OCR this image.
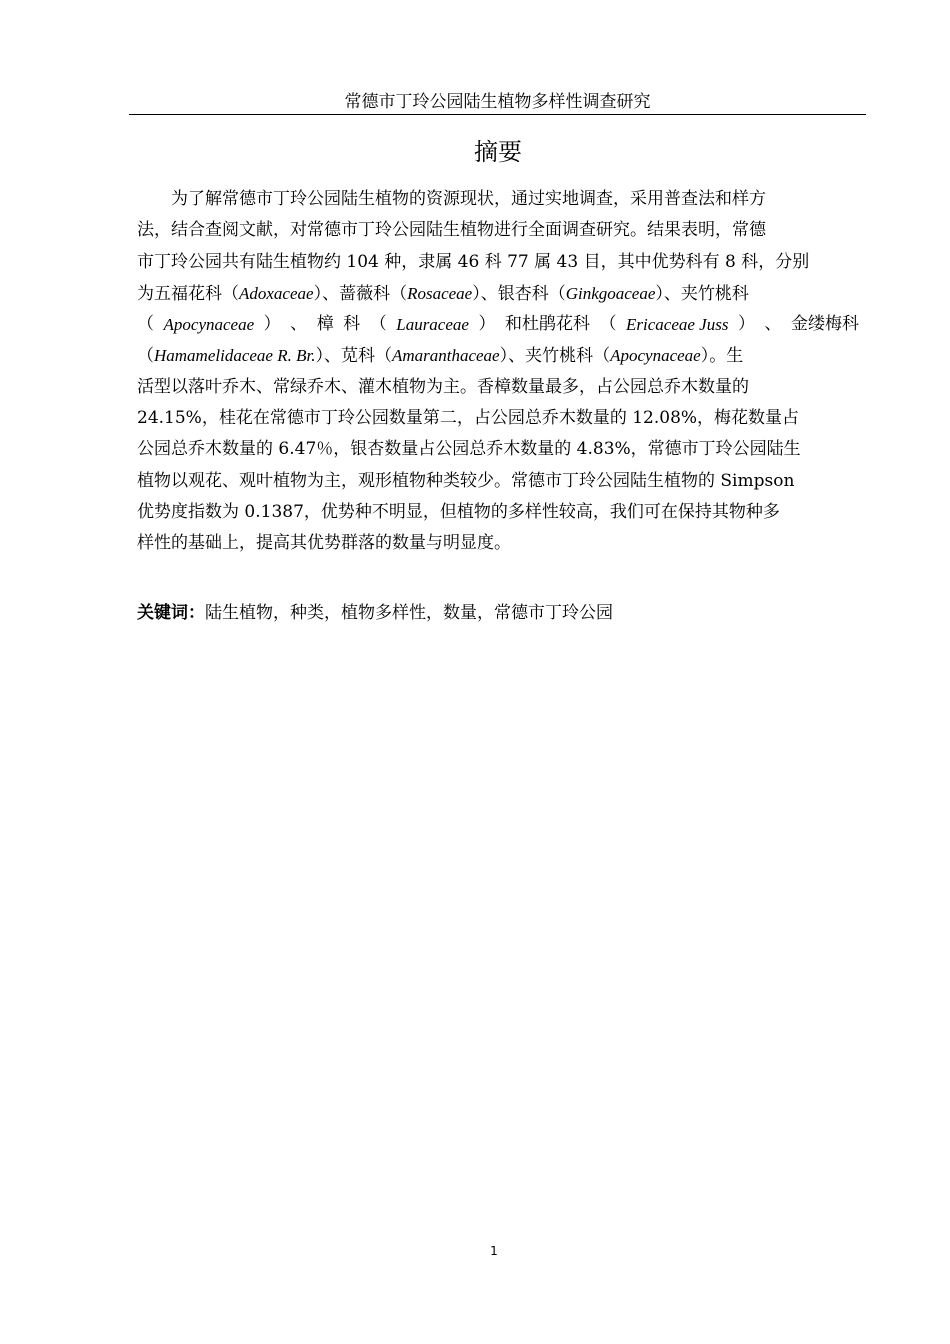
常德市丁玲公园陆生植物多样性调查研究
摘要
为了解常德市丁玲公园陆生植物的资源现状，通过实地调查，采用普查法和样方
法，结合查阅文献，对常德市丁玲公园陆生植物进行全面调查研究。结果表明，常德
市丁玲公园共有陆生植物约 104 种，隶属 46 科 77 属 43 目，其中优势科有 8 科，分别
为五福花科（Adoxaceae）、蔷薇科（Rosaceae）、银杏科（Ginkgoaceae）、夹竹桃科
（ Apocynaceae ） 、 樟 科 （ Lauraceae ） 和杜鹃花科 （ Ericaceae Juss ） 、 金缕梅科
（Hamamelidaceae R. Br.）、苋科（Amaranthaceae）、夹竹桃科（Apocynaceae）。生
活型以落叶乔木、常绿乔木、灌木植物为主。香樟数量最多，占公园总乔木数量的
24.15%，桂花在常德市丁玲公园数量第二，占公园总乔木数量的 12.08%，梅花数量占
公园总乔木数量的 6.47％，银杏数量占公园总乔木数量的 4.83%，常德市丁玲公园陆生
植物以观花、观叶植物为主，观形植物种类较少。常德市丁玲公园陆生植物的 Simpson
优势度指数为 0.1387，优势种不明显，但植物的多样性较高，我们可在保持其物种多
样性的基础上，提高其优势群落的数量与明显度。
关键词：陆生植物，种类，植物多样性，数量，常德市丁玲公园
1
